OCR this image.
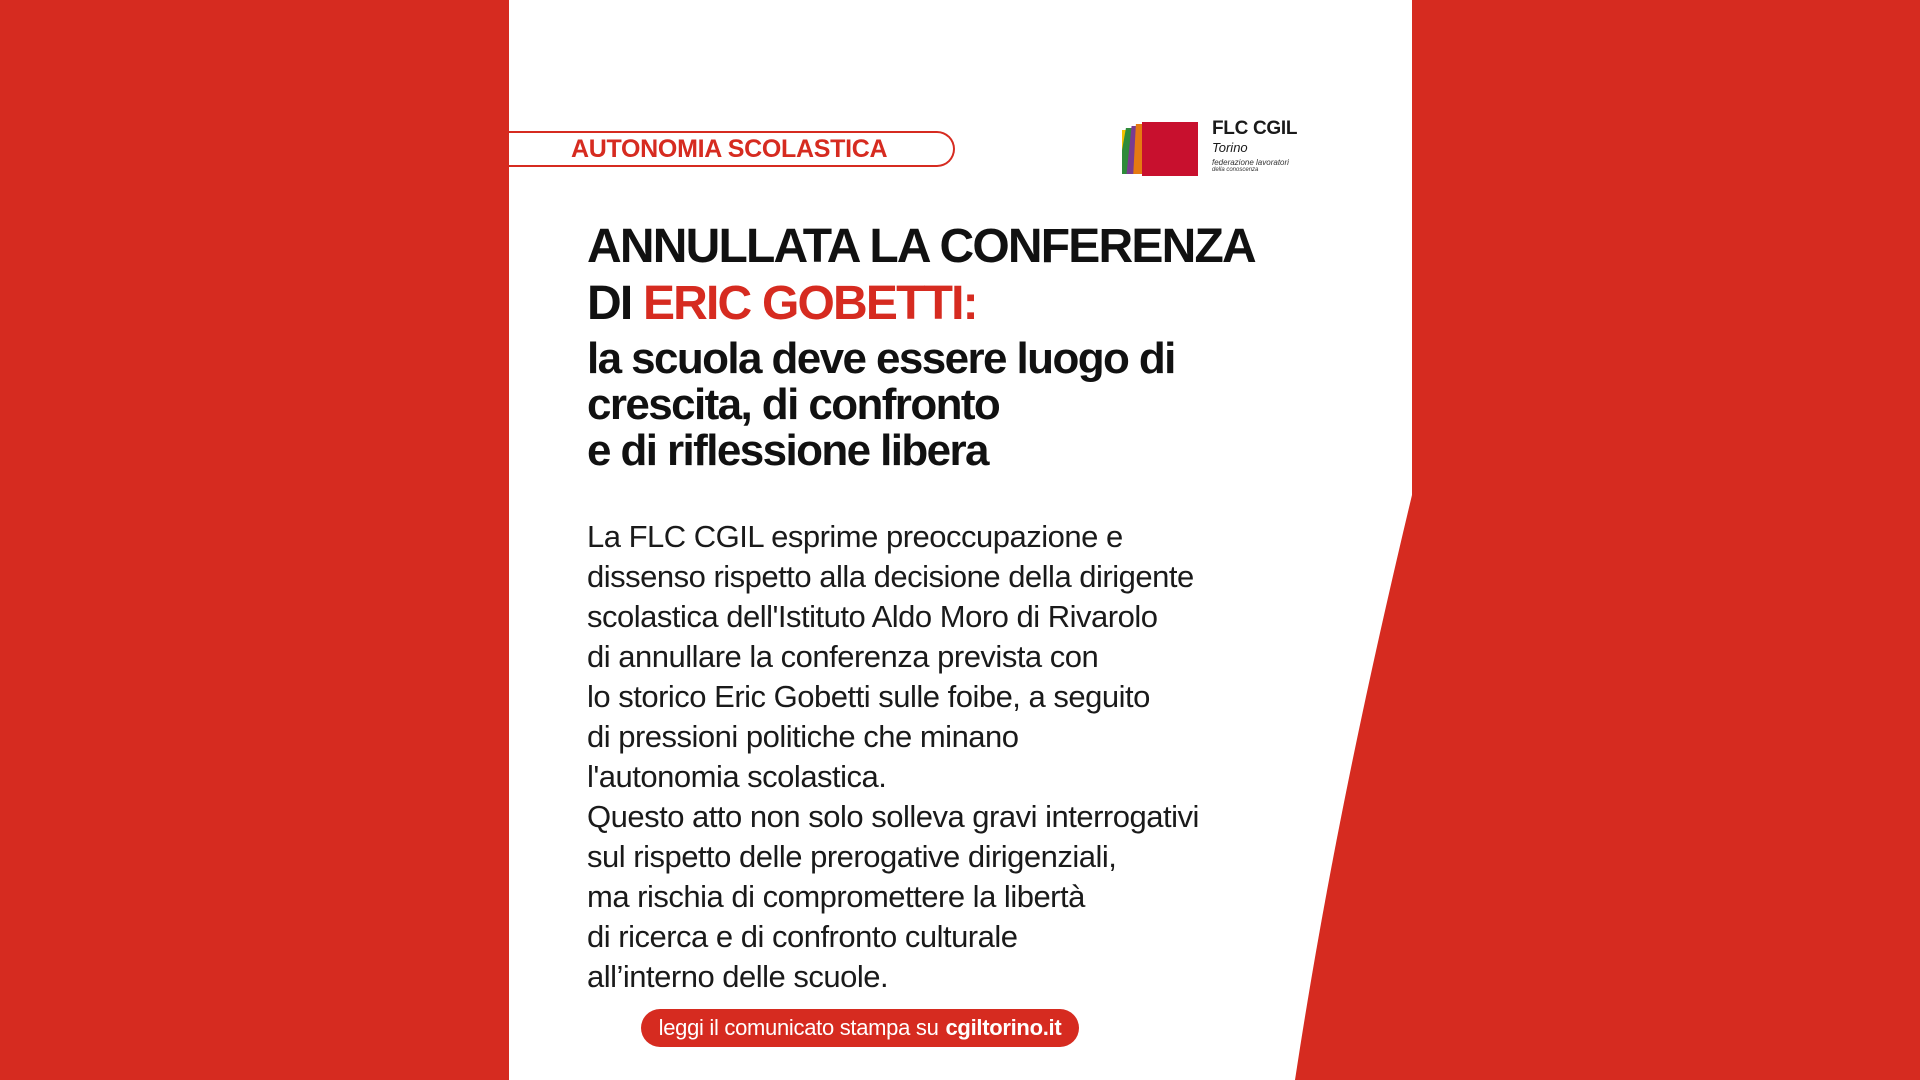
AUTONOMIA SCOLASTICA
FLC CGIL
Torino
federazione lavoratori
della conoscenza
ANNULLATA LA CONFERENZA
DI ERIC GOBETTI:
la scuola deve essere luogo di
crescita, di confronto
e di riflessione libera
La FLC CGIL esprime preoccupazione e
dissenso rispetto alla decisione della dirigente
scolastica dell'Istituto Aldo Moro di Rivarolo
di annullare la conferenza prevista con
lo storico Eric Gobetti sulle foibe, a seguito
di pressioni politiche che minano
l'autonomia scolastica.
Questo atto non solo solleva gravi interrogativi
sul rispetto delle prerogative dirigenziali,
ma rischia di compromettere la libertà
di ricerca e di confronto culturale
all’interno delle scuole.
leggi il comunicato stampa su cgiltorino.it
